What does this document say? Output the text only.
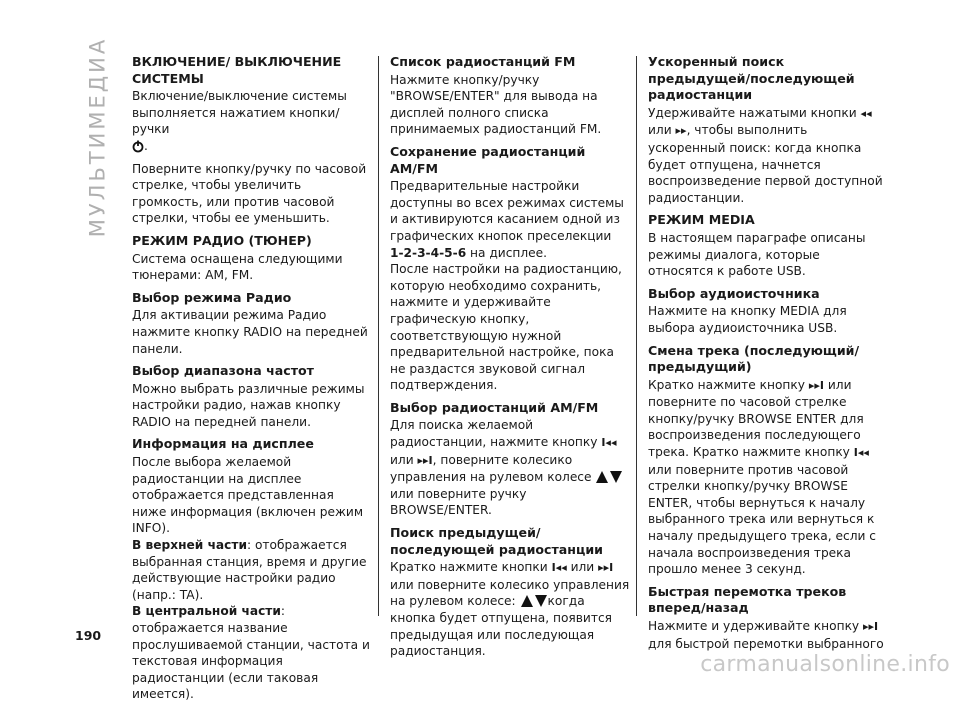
МУЛЬТИМЕДИА ВКЛЮЧЕНИЕ/ ВЫКЛЮЧЕНИЕ СИСТЕМЫ

Включение/выключение системы выполняется нажатием кнопки/ручки
.

Поверните кнопку/ручку по часовой стрелке, чтобы увеличить громкость, или против часовой стрелки, чтобы ее уменьшить.

РЕЖИМ РАДИО (ТЮНЕР)

Система оснащена следующими тюнерами: AM, FM.

Выбор режима Радио

Для активации режима Радио нажмите кнопку RADIO на передней панели.

Выбор диапазона частот

Можно выбрать различные режимы настройки радио, нажав кнопку RADIO на передней панели.

Информация на дисплее

После выбора желаемой радиостанции на дисплее отображается представленная ниже информация (включен режим INFO).

В верхней части: отображается выбранная станция, время и другие действующие настройки радио (напр.: TA).

В центральной части: отображается название прослушиваемой станции, частота и текстовая информация радиостанции (если таковая имеется).

Список радиостанций FM

Нажмите кнопку/ручку "BROWSE/ENTER" для вывода на дисплей полного списка принимаемых радиостанций FM.

Сохранение радиостанций AM/FM

Предварительные настройки доступны во всех режимах системы и активируются касанием одной из графических кнопок преселекции
1-2-3-4-5-6 на дисплее.

После настройки на радиостанцию, которую необходимо сохранить, нажмите и удерживайте графическую кнопку, соответствующую нужной предварительной настройке, пока не раздастся звуковой сигнал подтверждения.

Выбор радиостанций AM/FM

Для поиска желаемой радиостанции, нажмите кнопку I◂◂ или ▸▸I, поверните колесико управления на рулевом колесе  или поверните ручку BROWSE/ENTER.

Поиск предыдущей/последующей радиостанции

Кратко нажмите кнопки I◂◂ или ▸▸I или поверните колесико управления на рулевом колесе:	когда кнопка будет отпущена, появится предыдущая или последующая радиостанция.

Ускоренный поиск предыдущей/последующей радиостанции

Удерживайте нажатыми кнопки ◂◂ или ▸▸, чтобы выполнить ускоренный поиск: когда кнопка будет отпущена, начнется воспроизведение первой доступной радиостанции.

РЕЖИМ MEDIA

В настоящем параграфе описаны режимы диалога, которые относятся к работе USB.

Выбор аудиоисточника

Нажмите на кнопку MEDIA для выбора аудиоисточника USB.

Смена трека (последующий/предыдущий)

Кратко нажмите кнопку ▸▸I или поверните по часовой стрелке кнопку/ручку BROWSE ENTER для воспроизведения последующего трека. Кратко нажмите кнопку I◂◂ или поверните против часовой стрелки кнопку/ручку BROWSE ENTER, чтобы вернуться к началу выбранного трека или вернуться к началу предыдущего трека, если с начала воспроизведения трека прошло менее 3 секунд.

Быстрая перемотка треков вперед/назад

Нажмите и удерживайте кнопку ▸▸I
для быстрой перемотки выбранного

190
carmanualsonline.info
